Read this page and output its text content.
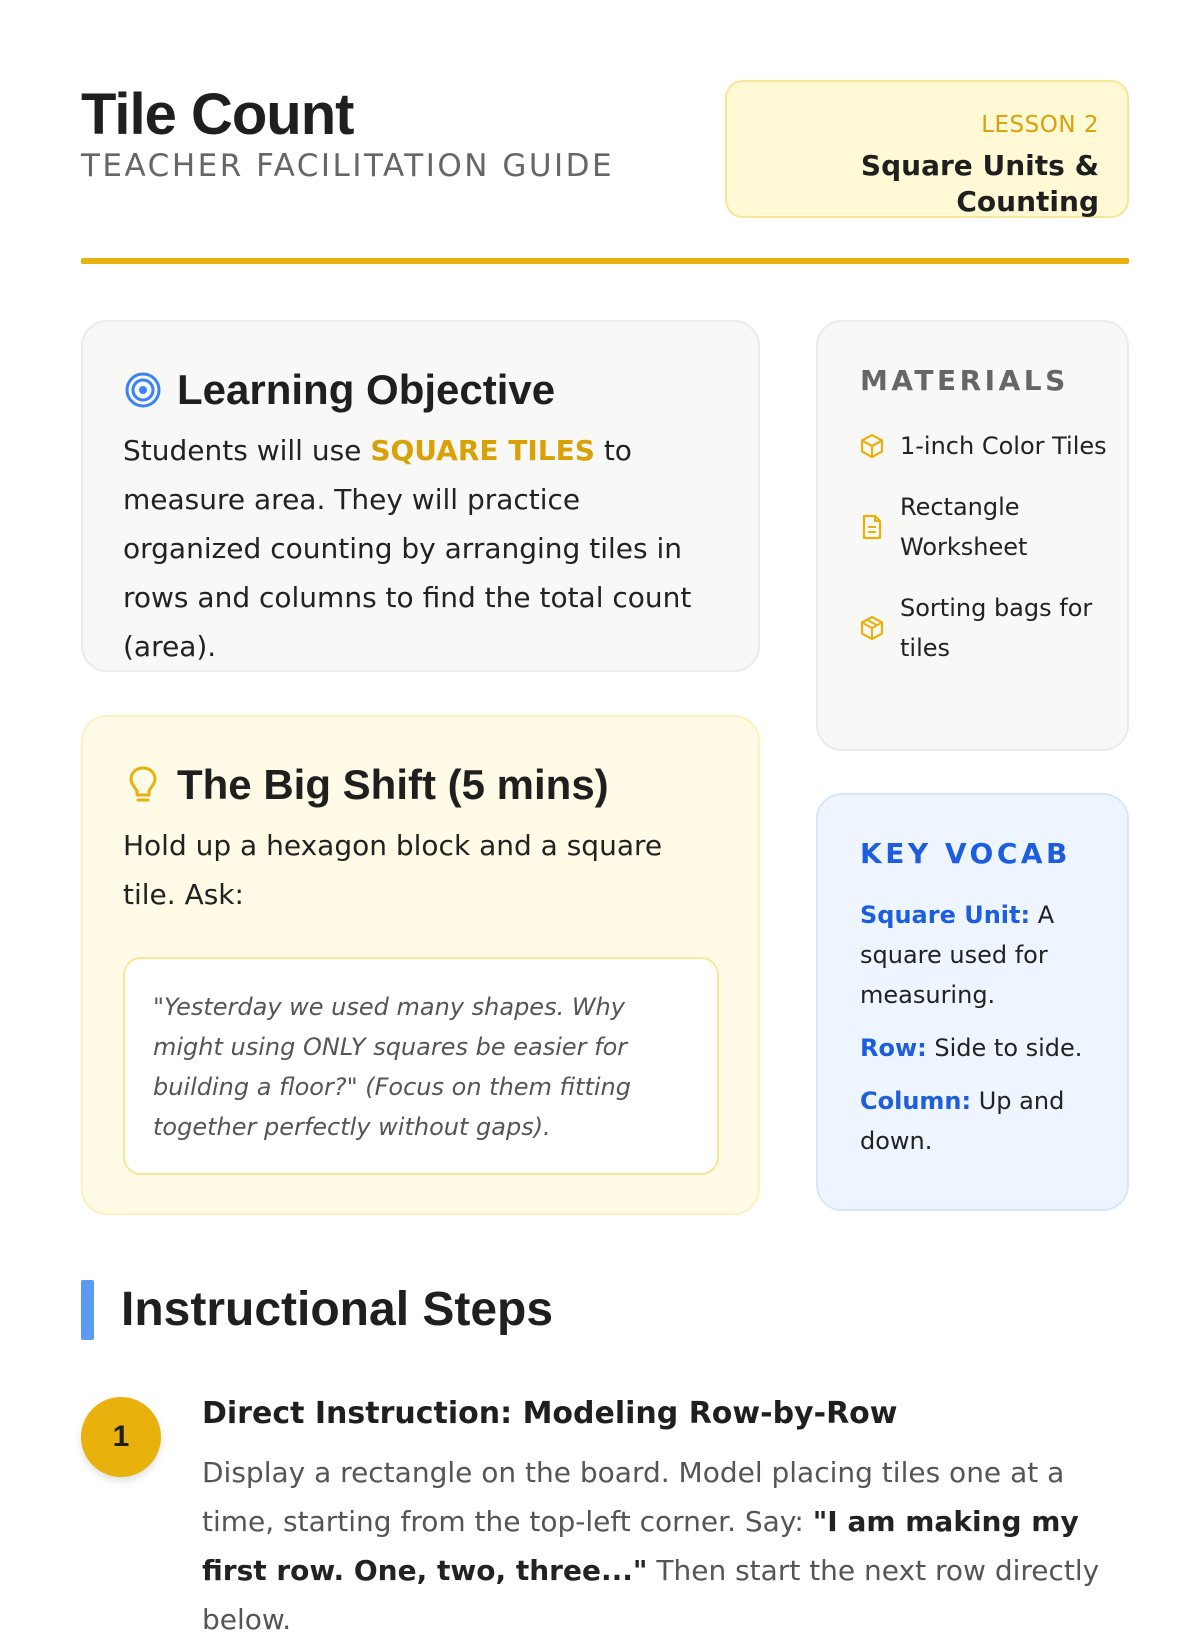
Tile Count
TEACHER FACILITATION GUIDE
LESSON 2
Square Units & Counting
Learning Objective

Students will use SQUARE TILES to measure area. They will practice organized counting by arranging tiles in rows and columns to find the total count (area).

The Big Shift (5 mins)

Hold up a hexagon block and a square tile. Ask:

"Yesterday we used many shapes. Why might using ONLY squares be easier for building a floor?" (Focus on them fitting together perfectly without gaps).
MATERIALS
1-inch Color Tiles
Rectangle Worksheet
Sorting bags for tiles
KEY VOCAB
Square Unit: A square used for measuring.
Row: Side to side.
Column: Up and down.
Instructional Steps
1
Direct Instruction: Modeling Row-by-Row

Display a rectangle on the board. Model placing tiles one at a time, starting from the top-left corner. Say: "I am making my first row. One, two, three..." Then start the next row directly below.
